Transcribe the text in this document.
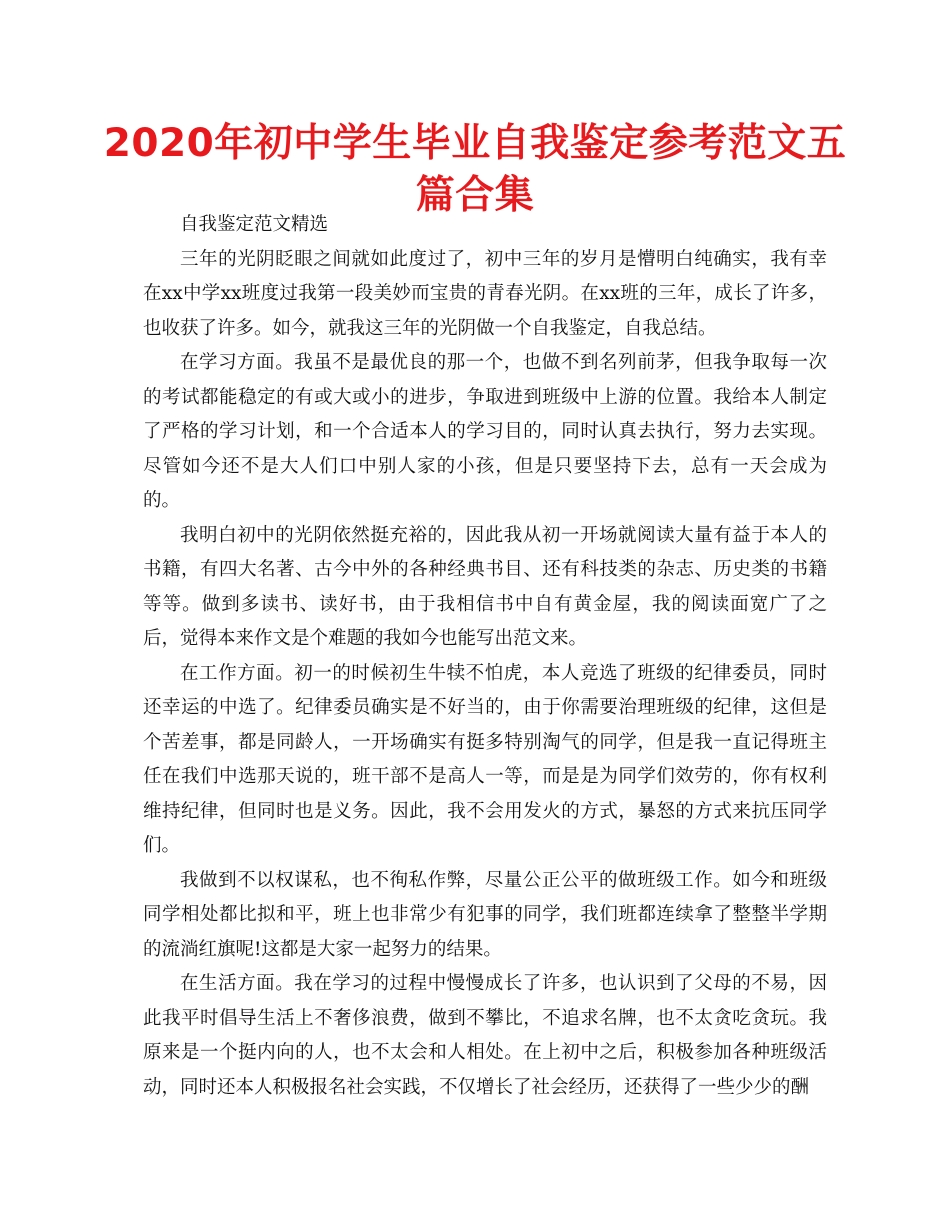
2020年初中学生毕业自我鉴定参考范文五篇合集

自我鉴定范文精选

三年的光阴眨眼之间就如此度过了，初中三年的岁月是懵明白纯确实，我有幸在xx中学xx班度过我第一段美妙而宝贵的青春光阴。在xx班的三年，成长了许多，也收获了许多。如今，就我这三年的光阴做一个自我鉴定，自我总结。

在学习方面。我虽不是最优良的那一个，也做不到名列前茅，但我争取每一次的考试都能稳定的有或大或小的进步，争取进到班级中上游的位置。我给本人制定了严格的学习计划，和一个合适本人的学习目的，同时认真去执行，努力去实现。尽管如今还不是大人们口中别人家的小孩，但是只要坚持下去，总有一天会成为的。

我明白初中的光阴依然挺充裕的，因此我从初一开场就阅读大量有益于本人的书籍，有四大名著、古今中外的各种经典书目、还有科技类的杂志、历史类的书籍等等。做到多读书、读好书，由于我相信书中自有黄金屋，我的阅读面宽广了之后，觉得本来作文是个难题的我如今也能写出范文来。

在工作方面。初一的时候初生牛犊不怕虎，本人竞选了班级的纪律委员，同时还幸运的中选了。纪律委员确实是不好当的，由于你需要治理班级的纪律，这但是个苦差事，都是同龄人，一开场确实有挺多特别淘气的同学，但是我一直记得班主任在我们中选那天说的，班干部不是高人一等，而是是为同学们效劳的，你有权利维持纪律，但同时也是义务。因此，我不会用发火的方式，暴怒的方式来抗压同学们。

我做到不以权谋私，也不徇私作弊，尽量公正公平的做班级工作。如今和班级同学相处都比拟和平，班上也非常少有犯事的同学，我们班都连续拿了整整半学期的流淌红旗呢!这都是大家一起努力的结果。

在生活方面。我在学习的过程中慢慢成长了许多，也认识到了父母的不易，因此我平时倡导生活上不奢侈浪费，做到不攀比，不追求名牌，也不太贪吃贪玩。我原来是一个挺内向的人，也不太会和人相处。在上初中之后，积极参加各种班级活动，同时还本人积极报名社会实践，不仅增长了社会经历，还获得了一些少少的酬
